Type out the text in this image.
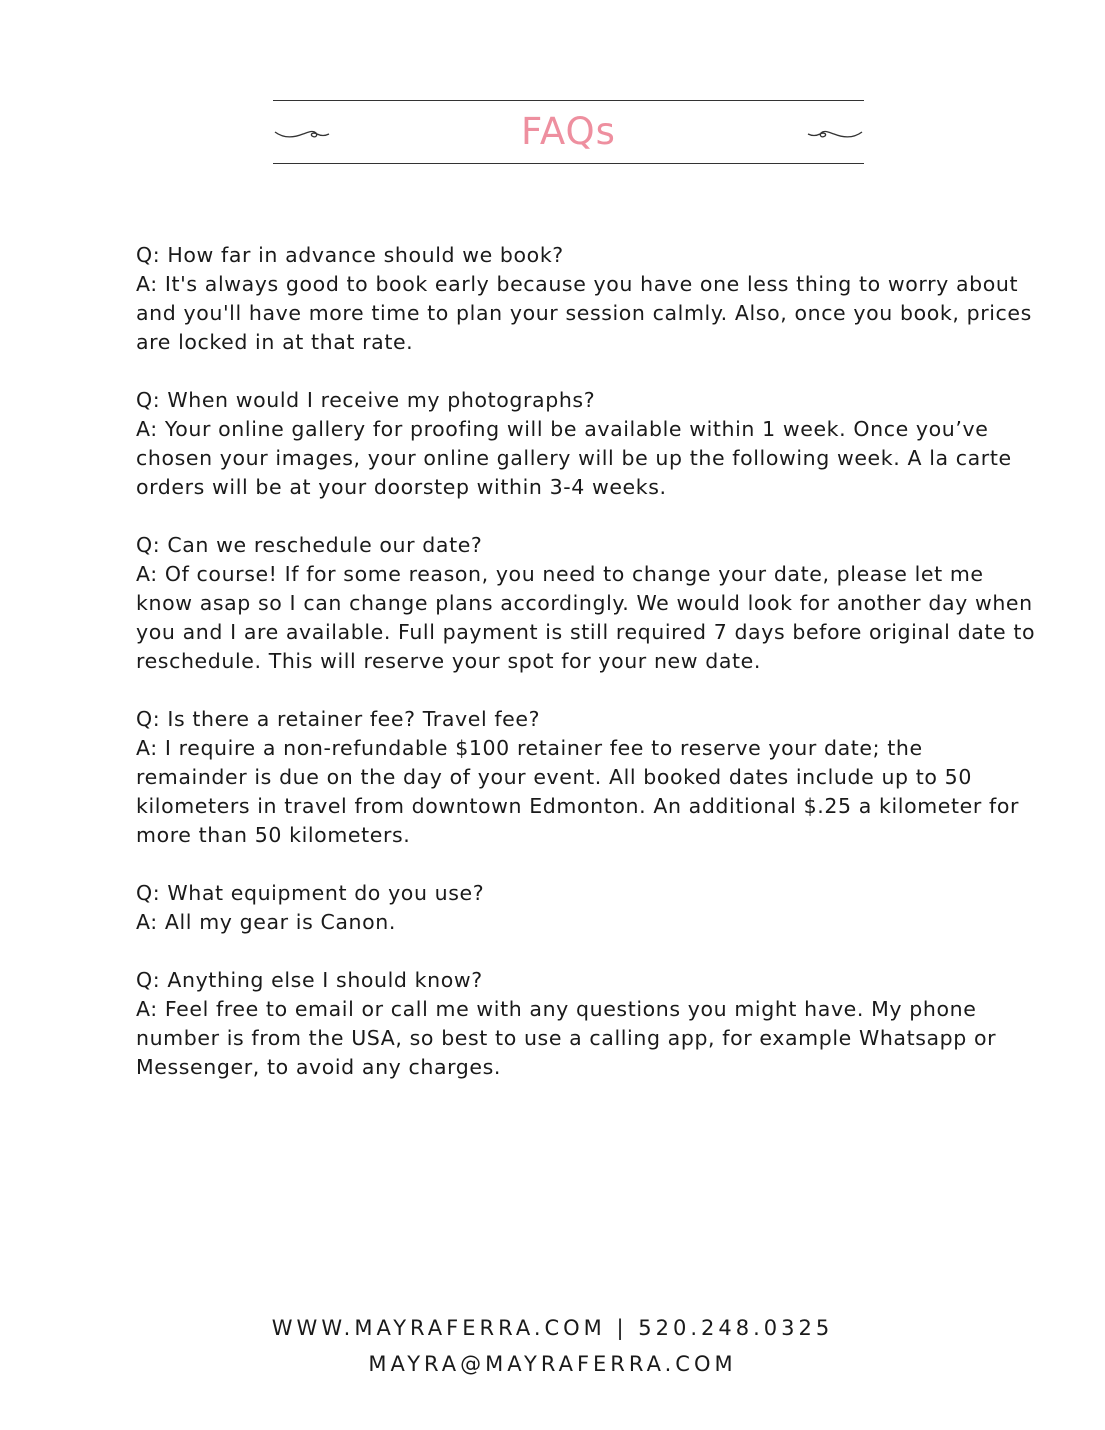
FAQs

Q: How far in advance should we book?

A: It's always good to book early because you have one less thing to worry about and you'll have more time to plan your session calmly. Also, once you book, prices are locked in at that rate.

Q: When would I receive my photographs?

A: Your online gallery for proofing will be available within 1 week. Once you’ve chosen your images, your online gallery will be up the following week. A la carte orders will be at your doorstep within 3-4 weeks.

Q: Can we reschedule our date?

A: Of course! If for some reason, you need to change your date, please let me know asap so I can change plans accordingly. We would look for another day when you and I are available. Full payment is still required 7 days before original date to reschedule. This will reserve your spot for your new date.

Q: Is there a retainer fee? Travel fee?

A: I require a non-refundable $100 retainer fee to reserve your date; the remainder is due on the day of your event. All booked dates include up to 50 kilometers in travel from downtown Edmonton. An additional $.25 a kilometer for more than 50 kilometers.

Q: What equipment do you use?

A: All my gear is Canon.

Q: Anything else I should know?

A: Feel free to email or call me with any questions you might have. My phone number is from the USA, so best to use a calling app, for example Whatsapp or Messenger, to avoid any charges.

WWW.MAYRAFERRA.COM | 520.248.0325
MAYRA@MAYRAFERRA.COM
